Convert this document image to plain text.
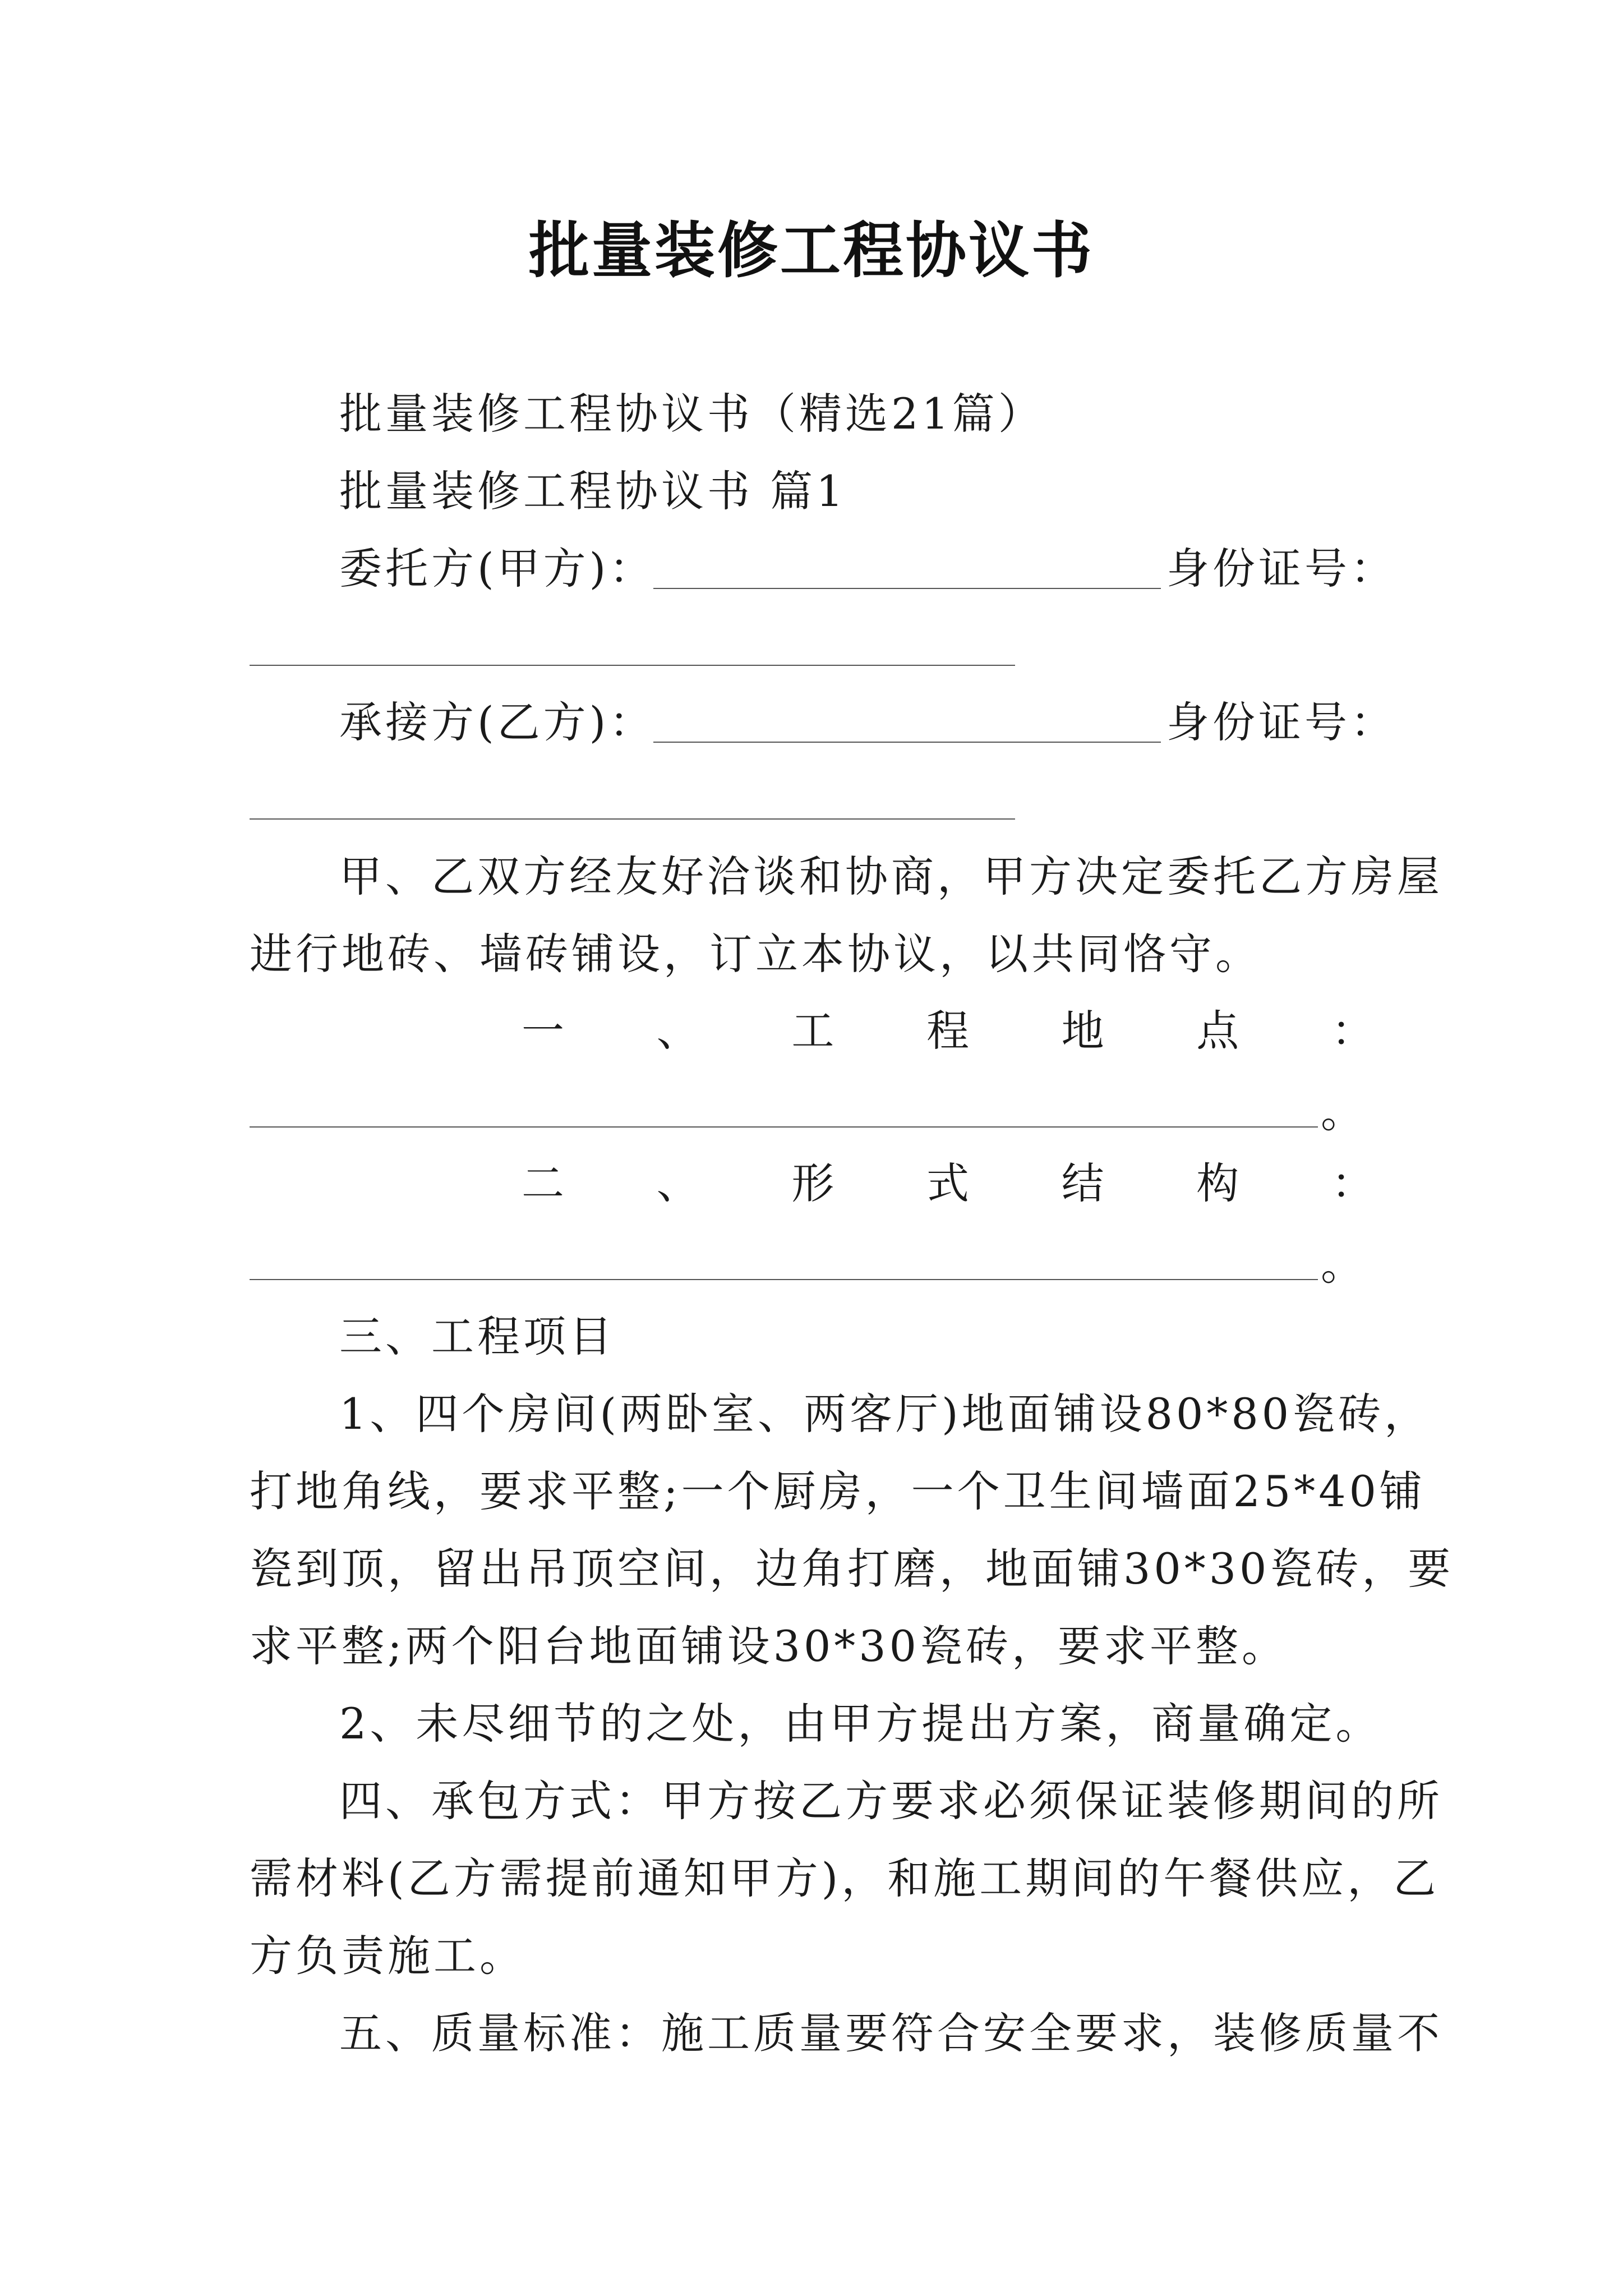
批量装修工程协议书
批量装修工程协议书（精选21篇）
批量装修工程协议书 篇1
委托方(甲方)：	身份证号：
承接方(乙方)：	身份证号：
甲、乙双方经友好洽谈和协商，甲方决定委托乙方房屋
进行地砖、墙砖铺设，订立本协议，以共同恪守。
一 、 工 程 地 点 ：
。
二 、 形 式 结 构 ：
。
三、工程项目
1、四个房间(两卧室、两客厅)地面铺设80*80瓷砖，
打地角线，要求平整;一个厨房，一个卫生间墙面25*40铺
瓷到顶，留出吊顶空间，边角打磨，地面铺30*30瓷砖，要
求平整;两个阳台地面铺设30*30瓷砖，要求平整。
2、未尽细节的之处，由甲方提出方案，商量确定。
四、承包方式：甲方按乙方要求必须保证装修期间的所
需材料(乙方需提前通知甲方)，和施工期间的午餐供应，乙
方负责施工。
五、质量标准：施工质量要符合安全要求，装修质量不
